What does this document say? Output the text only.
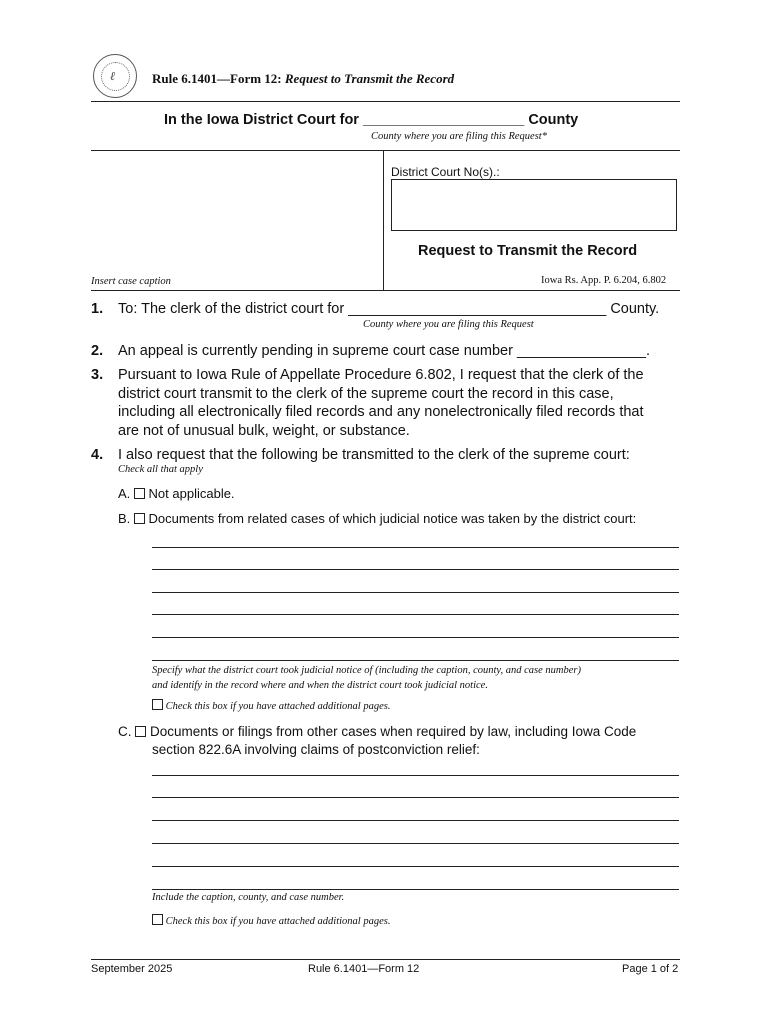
ℓ	Rule 6.1401—Form 12: Request to Transmit the Record
In the Iowa District Court for ____________________ County
County where you are filing this Request*
District Court No(s).:
Request to Transmit the Record
Insert case caption	Iowa Rs. App. P. 6.204, 6.802
1. To: The clerk of the district court for ________________________________ County.
County where you are filing this Request
2. An appeal is currently pending in supreme court case number ________________.
3. Pursuant to Iowa Rule of Appellate Procedure 6.802, I request that the clerk of the
district court transmit to the clerk of the supreme court the record in this case,
including all electronically filed records and any nonelectronically filed records that
are not of unusual bulk, weight, or substance.
4. I also request that the following be transmitted to the clerk of the supreme court:
Check all that apply
A. Not applicable.
B. Documents from related cases of which judicial notice was taken by the district court:
Specify what the district court took judicial notice of (including the caption, county, and case number)
and identify in the record where and when the district court took judicial notice.
Check this box if you have attached additional pages.
C. Documents or filings from other cases when required by law, including Iowa Code
section 822.6A involving claims of postconviction relief:
Include the caption, county, and case number.
Check this box if you have attached additional pages.
September 2025	Rule 6.1401—Form 12	Page 1 of 2
